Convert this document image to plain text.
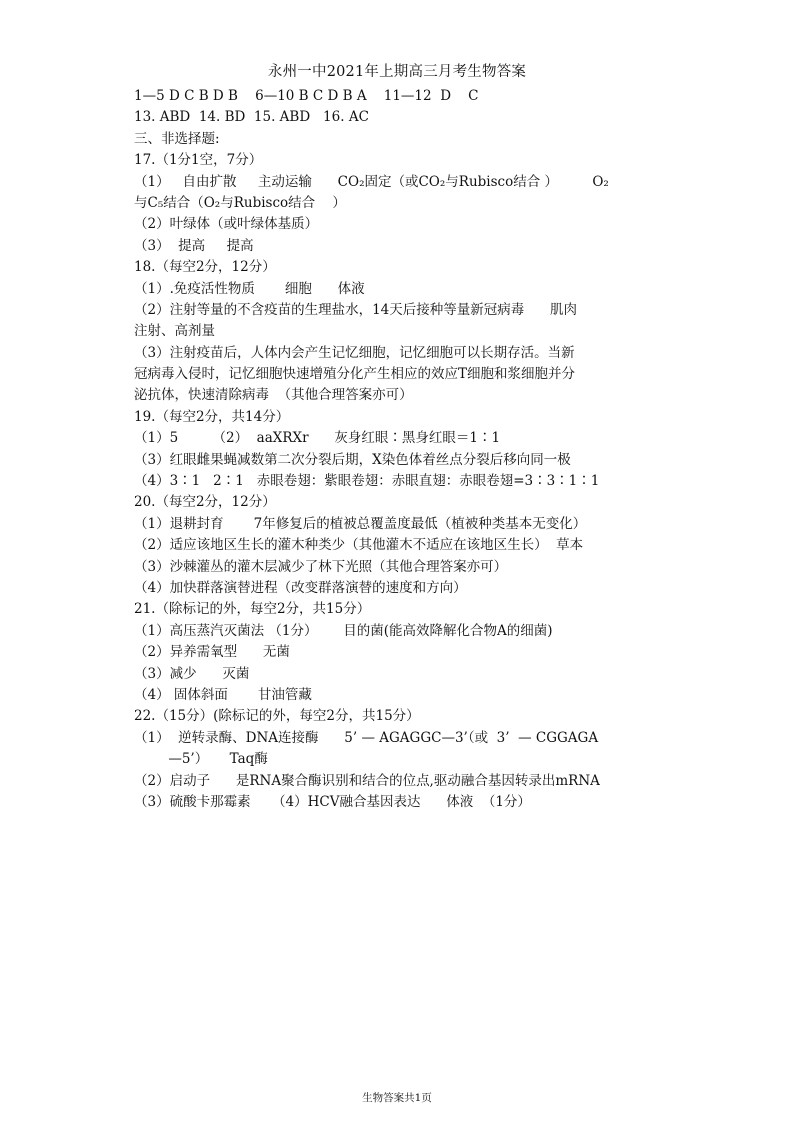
永州一中2021年上期高三月考生物答案
1—5 D C B D B    6—10 B C D B A    11—12  D    C
13. ABD  14. BD  15. ABD   16. AC
三、非选择题:
17.（1分1空，7分）
（1）   自由扩散     主动运输      CO₂固定（或CO₂与Rubisco结合 ）        O₂
与C₅结合（O₂与Rubisco结合    ）
（2）叶绿体（或叶绿体基质）
（3）  提高     提高
18.（每空2分，12分）
（1）.免疫活性物质       细胞      体液
（2）注射等量的不含疫苗的生理盐水，14天后接种等量新冠病毒      肌肉
注射、高剂量
（3）注射疫苗后，人体内会产生记忆细胞，记忆细胞可以长期存活。当新
冠病毒入侵时，记忆细胞快速增殖分化产生相应的效应T细胞和浆细胞并分
泌抗体，快速清除病毒  （其他合理答案亦可）
19.（每空2分，共14分）
（1）5        （2）  aaXRXr      灰身红眼∶黑身红眼＝1∶1
（3）红眼雌果蝇减数第二次分裂后期，X染色体着丝点分裂后移向同一极
（4）3∶1   2∶1   赤眼卷翅：紫眼卷翅：赤眼直翅：赤眼卷翅=3∶3∶1∶1
20.（每空2分，12分）
（1）退耕封育       7年修复后的植被总覆盖度最低（植被种类基本无变化）
（2）适应该地区生长的灌木种类少（其他灌木不适应在该地区生长）  草本
（3）沙棘灌丛的灌木层减少了林下光照（其他合理答案亦可）
（4）加快群落演替进程（改变群落演替的速度和方向）
21.（除标记的外，每空2分，共15分）
（1）高压蒸汽灭菌法 （1分）      目的菌(能高效降解化合物A的细菌)
（2）异养需氧型      无菌
（3）减少      灭菌
（4） 固体斜面       甘油管藏
22.（15分）(除标记的外，每空2分，共15分）
（1）  逆转录酶、DNA连接酶      5’ — AGAGGC—3’（或  3’  — CGGAGA
—5’）     Taq酶
（2）启动子      是RNA聚合酶识别和结合的位点,驱动融合基因转录出mRNA
（3）硫酸卡那霉素     （4）HCV融合基因表达      体液  （1分）
生物答案共1页
